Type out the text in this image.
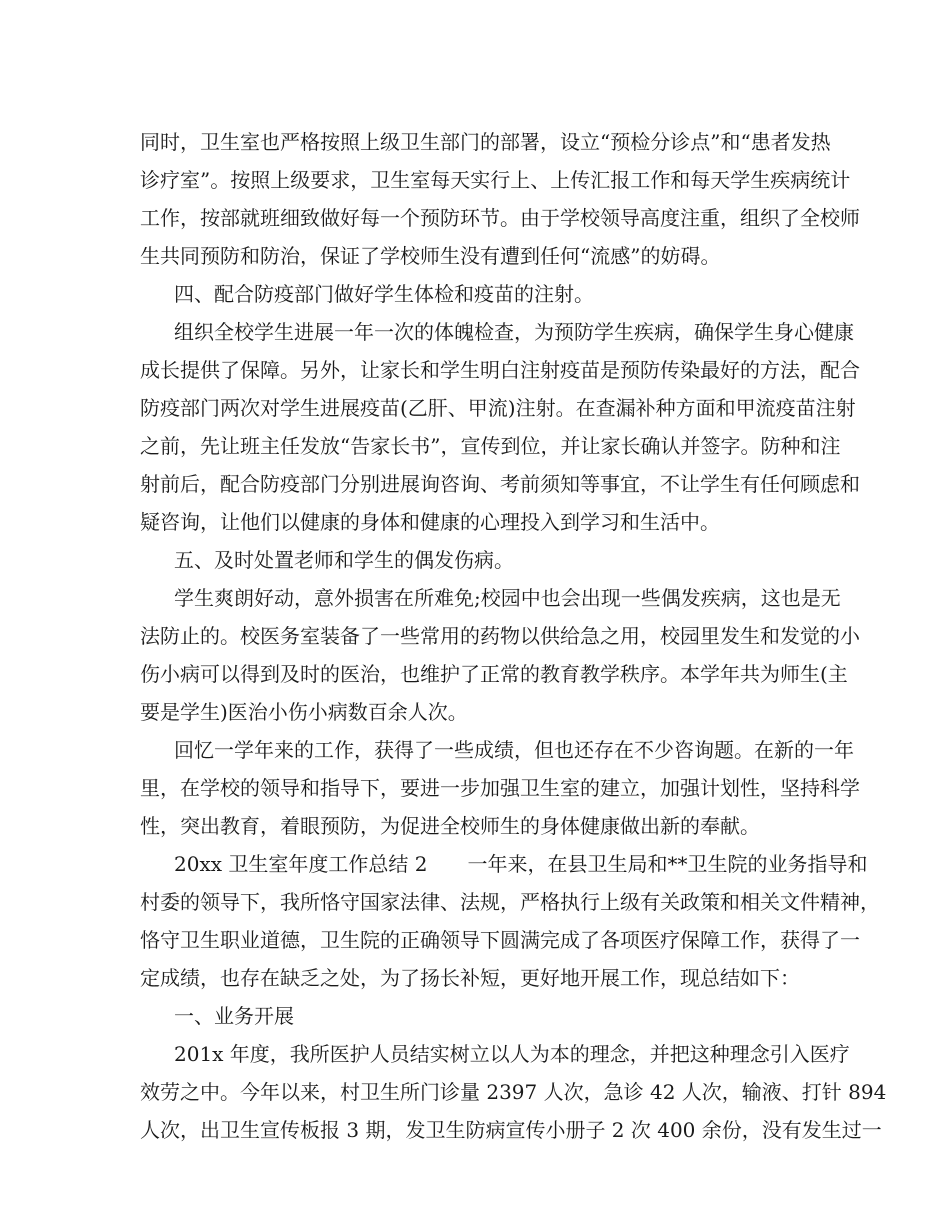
同时，卫生室也严格按照上级卫生部门的部署，设立“预检分诊点”和“患者发热
诊疗室”。按照上级要求，卫生室每天实行上、上传汇报工作和每天学生疾病统计
工作，按部就班细致做好每一个预防环节。由于学校领导高度注重，组织了全校师
生共同预防和防治，保证了学校师生没有遭到任何“流感”的妨碍。
四、配合防疫部门做好学生体检和疫苗的注射。
组织全校学生进展一年一次的体魄检查，为预防学生疾病，确保学生身心健康
成长提供了保障。另外，让家长和学生明白注射疫苗是预防传染最好的方法，配合
防疫部门两次对学生进展疫苗(乙肝、甲流)注射。在查漏补种方面和甲流疫苗注射
之前，先让班主任发放“告家长书”，宣传到位，并让家长确认并签字。防种和注
射前后，配合防疫部门分别进展询咨询、考前须知等事宜，不让学生有任何顾虑和
疑咨询，让他们以健康的身体和健康的心理投入到学习和生活中。
五、及时处置老师和学生的偶发伤病。
学生爽朗好动，意外损害在所难免;校园中也会出现一些偶发疾病，这也是无
法防止的。校医务室装备了一些常用的药物以供给急之用，校园里发生和发觉的小
伤小病可以得到及时的医治，也维护了正常的教育教学秩序。本学年共为师生(主
要是学生)医治小伤小病数百余人次。
回忆一学年来的工作，获得了一些成绩，但也还存在不少咨询题。在新的一年
里，在学校的领导和指导下，要进一步加强卫生室的建立，加强计划性，坚持科学
性，突出教育，着眼预防，为促进全校师生的身体健康做出新的奉献。
20xx 卫生室年度工作总结 2　　一年来，在县卫生局和**卫生院的业务指导和
村委的领导下，我所恪守国家法律、法规，严格执行上级有关政策和相关文件精神，
恪守卫生职业道德，卫生院的正确领导下圆满完成了各项医疗保障工作，获得了一
定成绩，也存在缺乏之处，为了扬长补短，更好地开展工作，现总结如下：
一、业务开展
201x 年度，我所医护人员结实树立以人为本的理念，并把这种理念引入医疗
效劳之中。今年以来，村卫生所门诊量 2397 人次，急诊 42 人次，输液、打针 894
人次，出卫生宣传板报 3 期，发卫生防病宣传小册子 2 次 400 余份，没有发生过一
